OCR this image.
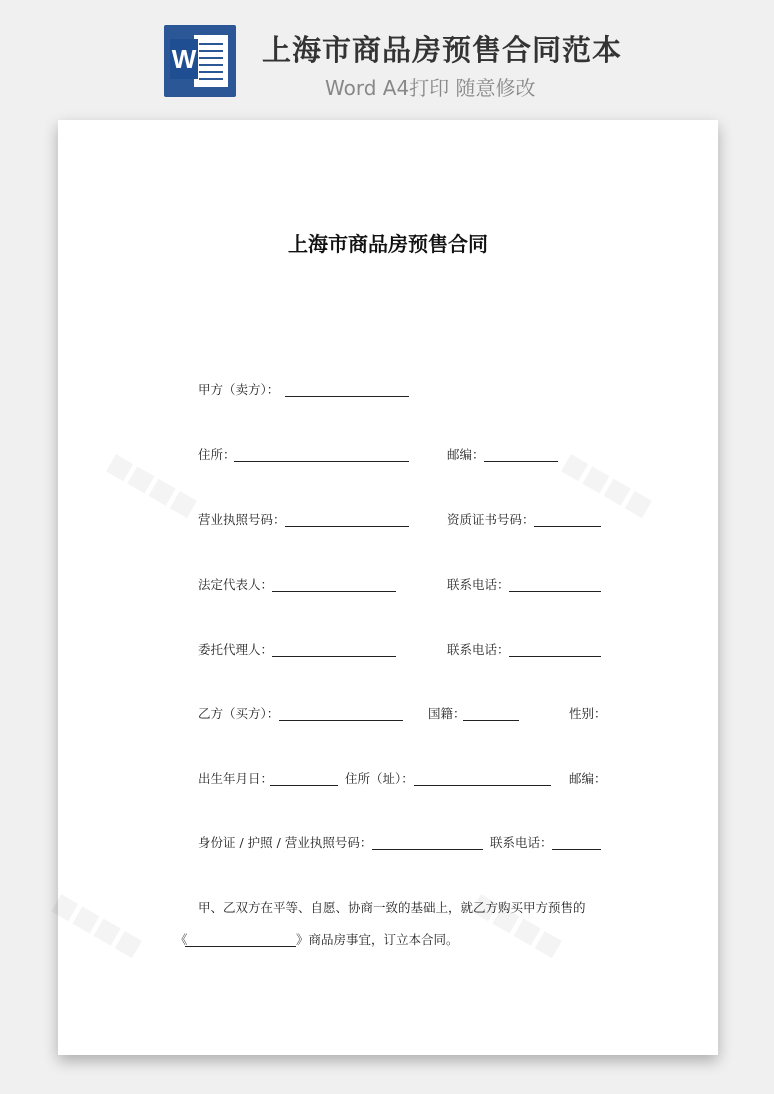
W 上海市商品房预售合同范本
Word A4打印 随意修改
上海市商品房预售合同
甲方（卖方）：
住所：	邮编：
营业执照号码：	资质证书号码：
法定代表人：	联系电话：
委托代理人：	联系电话：
乙方（买方）：	国籍：	性别：
出生年月日：	住所（址）：	邮编：
身份证 / 护照 / 营业执照号码：	联系电话：
甲、乙双方在平等、自愿、协商一致的基础上，就乙方购买甲方预售的
《	》商品房事宜，订立本合同。
